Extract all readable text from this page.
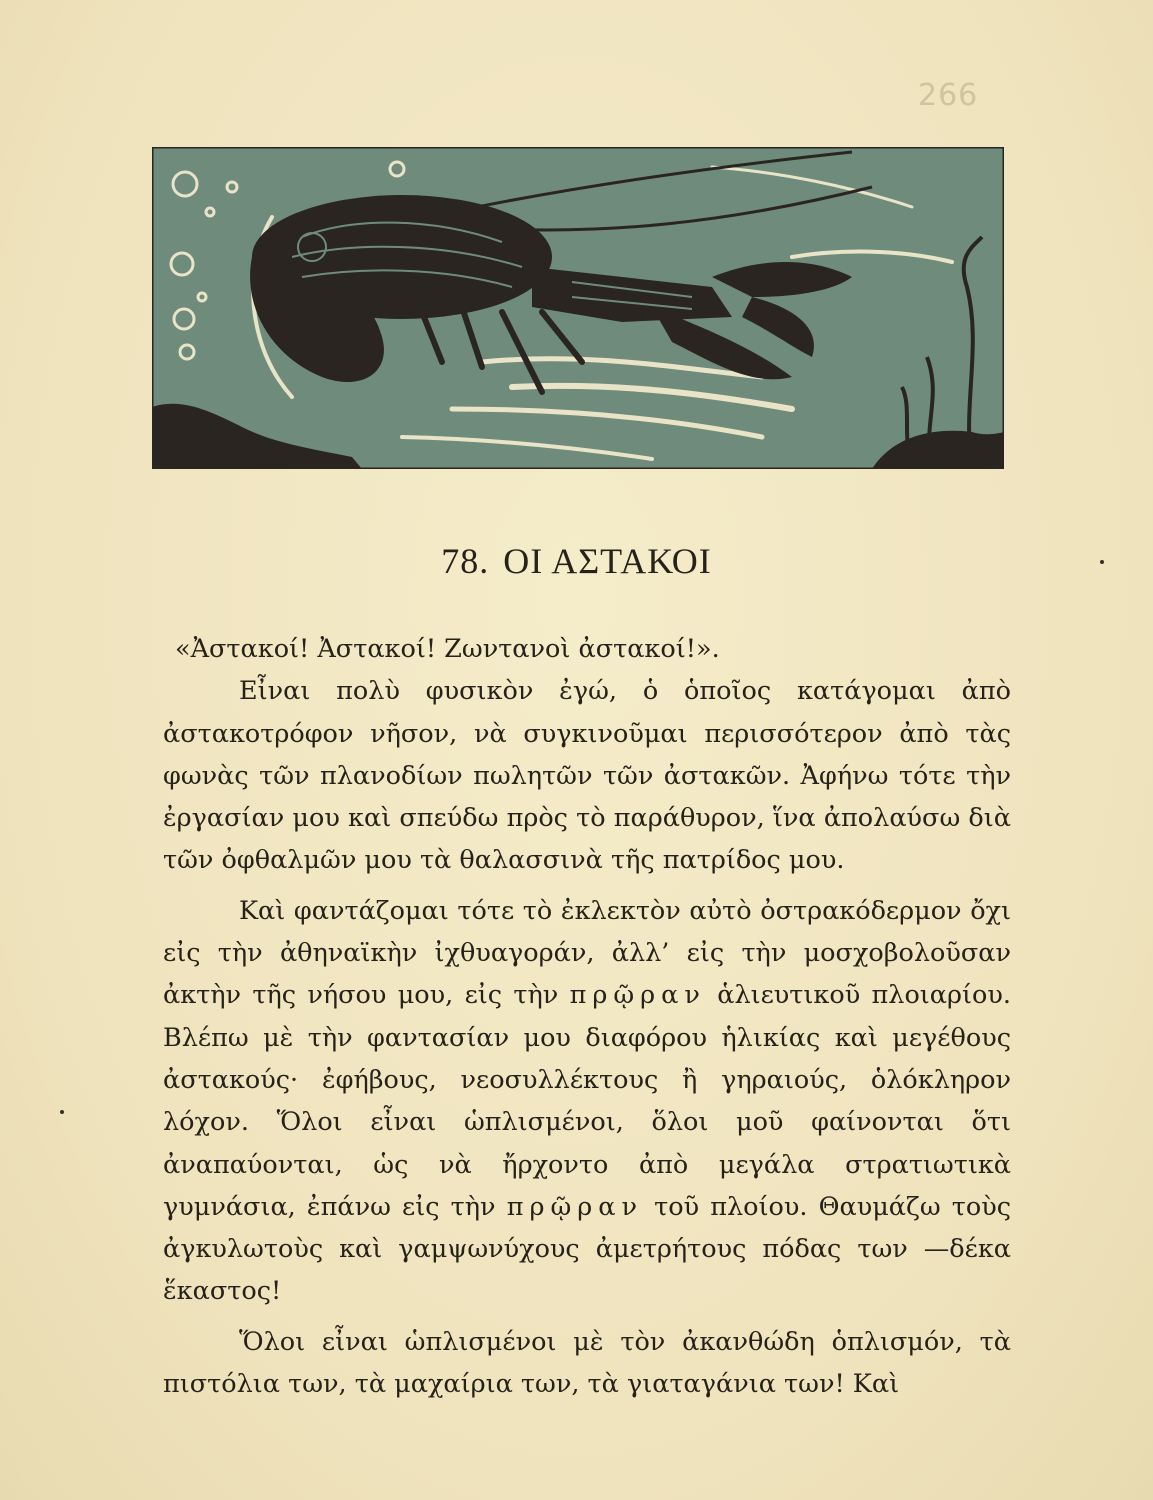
266
78. ΟΙ ΑΣΤΑΚΟΙ

«Ἀστακοί! Ἀστακοί! Ζωντανοὶ ἀστακοί!».

Εἶναι πολὺ φυσικὸν ἐγώ, ὁ ὁποῖος κατάγομαι ἀπὸ ἀστακοτρόφον νῆσον, νὰ συγκινοῦμαι περισσότερον ἀπὸ τὰς φωνὰς τῶν πλανοδίων πωλητῶν τῶν ἀστακῶν. Ἀφήνω τότε τὴν ἐργασίαν μου καὶ σπεύδω πρὸς τὸ παράθυρον, ἵνα ἀπολαύσω διὰ τῶν ὀφθαλμῶν μου τὰ θαλασσινὰ τῆς πατρίδος μου.

Καὶ φαντάζομαι τότε τὸ ἐκλεκτὸν αὐτὸ ὀστρακόδερμον ὄχι εἰς τὴν ἀθηναϊκὴν ἰχθυαγοράν, ἀλλ’ εἰς τὴν μοσχοβολοῦσαν ἀκτὴν τῆς νήσου μου, εἰς τὴν πρῷραν ἁλιευτικοῦ πλοιαρίου. Βλέπω μὲ τὴν φαντασίαν μου διαφόρου ἡλικίας καὶ μεγέθους ἀστακούς· ἐφήβους, νεοσυλλέκτους ἢ γηραιούς, ὁλόκληρον λόχον. Ὅλοι εἶναι ὡπλισμένοι, ὅλοι μοῦ φαίνονται ὅτι ἀναπαύονται, ὡς νὰ ἤρχοντο ἀπὸ μεγάλα στρατιωτικὰ γυμνάσια, ἐπάνω εἰς τὴν πρῷραν τοῦ πλοίου. Θαυμάζω τοὺς ἀγκυλωτοὺς καὶ γαμψωνύχους ἀμετρήτους πόδας των —δέκα ἕκαστος!

Ὅλοι εἶναι ὡπλισμένοι μὲ τὸν ἀκανθώδη ὁπλισμόν, τὰ πιστόλια των, τὰ μαχαίρια των, τὰ γιαταγάνια των! Καὶ
